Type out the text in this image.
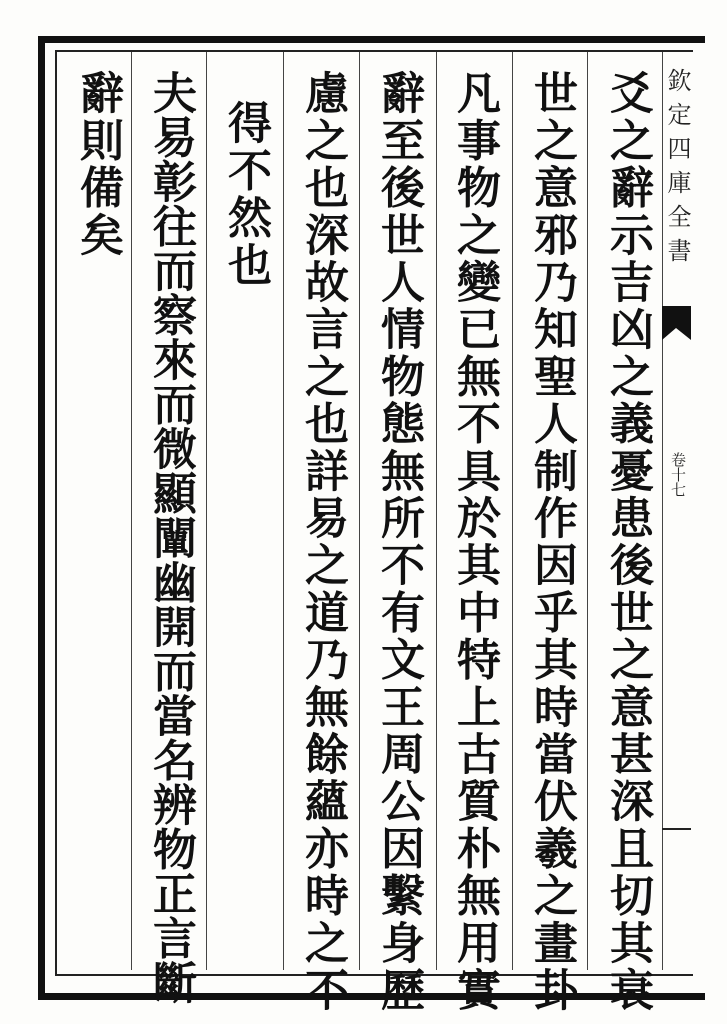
欽定四庫全書
卷十七
爻之辭示吉凶之義憂患後世之意甚深且切其衰
世之意邪乃知聖人制作因乎其時當伏羲之畫卦
凡事物之變已無不具於其中特上古質朴無用實
辭至後世人情物態無所不有文王周公因繫身歷
慮之也深故言之也詳易之道乃無餘蘊亦時之不
得不然也
夫易彰往而察來而微顯闡幽開而當名辨物正言斷
辭則備矣
